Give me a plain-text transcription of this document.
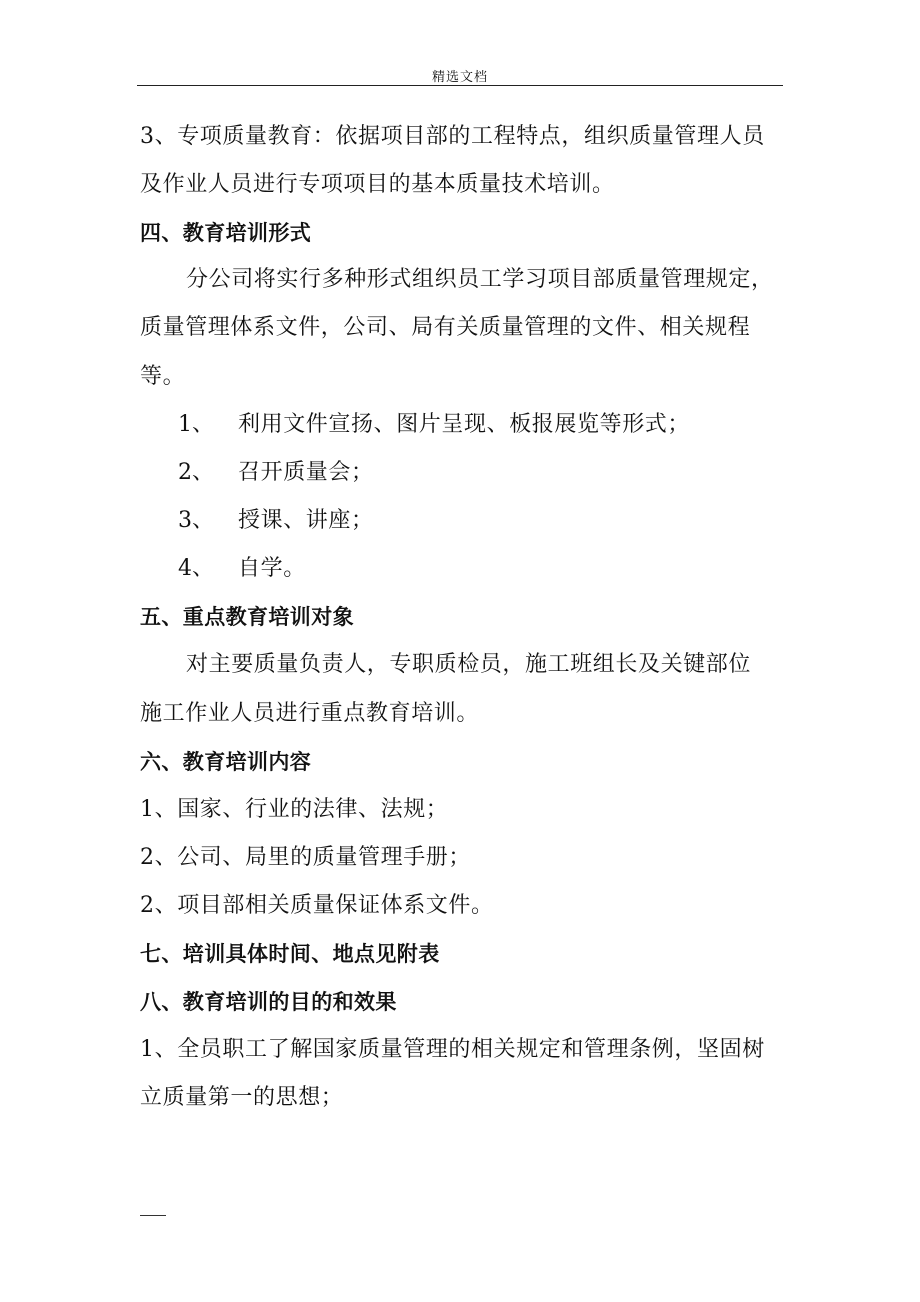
精选文档
3、专项质量教育：依据项目部的工程特点，组织质量管理人员
及作业人员进行专项项目的基本质量技术培训。
四、教育培训形式
分公司将实行多种形式组织员工学习项目部质量管理规定，
质量管理体系文件，公司、局有关质量管理的文件、相关规程
等。
1、 利用文件宣扬、图片呈现、板报展览等形式；
2、 召开质量会；
3、 授课、讲座；
4、 自学。
五、重点教育培训对象
对主要质量负责人，专职质检员，施工班组长及关键部位
施工作业人员进行重点教育培训。
六、教育培训内容
1、国家、行业的法律、法规；
2、公司、局里的质量管理手册；
2、项目部相关质量保证体系文件。
七、培训具体时间、地点见附表
八、教育培训的目的和效果
1、全员职工了解国家质量管理的相关规定和管理条例，坚固树
立质量第一的思想；
